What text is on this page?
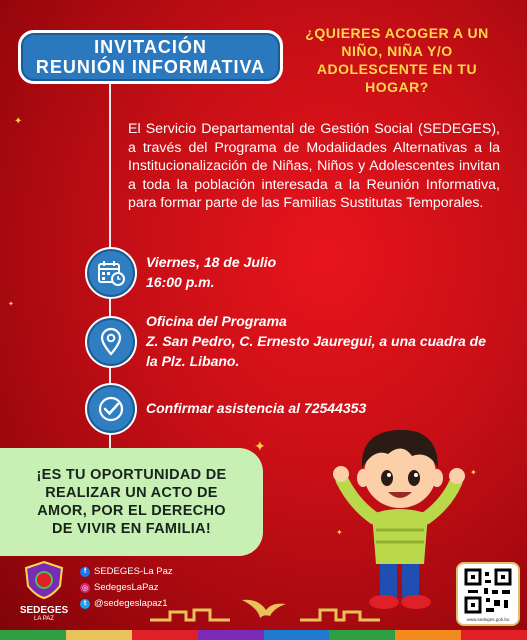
✦
✦
✦
✦
✦
INVITACIÓN
REUNIÓN INFORMATIVA
¿QUIERES ACOGER A UN NIÑO, NIÑA Y/O ADOLESCENTE EN TU HOGAR?
El Servicio Departamental de Gestión Social (SEDEGES), a través del Programa de Modalidades Alternativas a la Institucionalización de Niñas, Niños y Adolescentes invitan a toda la población interesada a la Reunión Informativa, para formar parte de las Familias Sustitutas Temporales.
Viernes, 18 de Julio
16:00 p.m.
Oficina del Programa
Z. San Pedro, C. Ernesto Jauregui, a una cuadra de la Plz. Libano.
Confirmar asistencia al 72544353
¡ES TU OPORTUNIDAD DE
REALIZAR UN ACTO DE
AMOR, POR EL DERECHO
DE VIVIR EN FAMILIA!
SEDEGES
LA PAZ
f SEDEGES-La Paz
◎ SedegesLaPaz
t @sedegeslapaz1
www.sedeges.gob.bo
